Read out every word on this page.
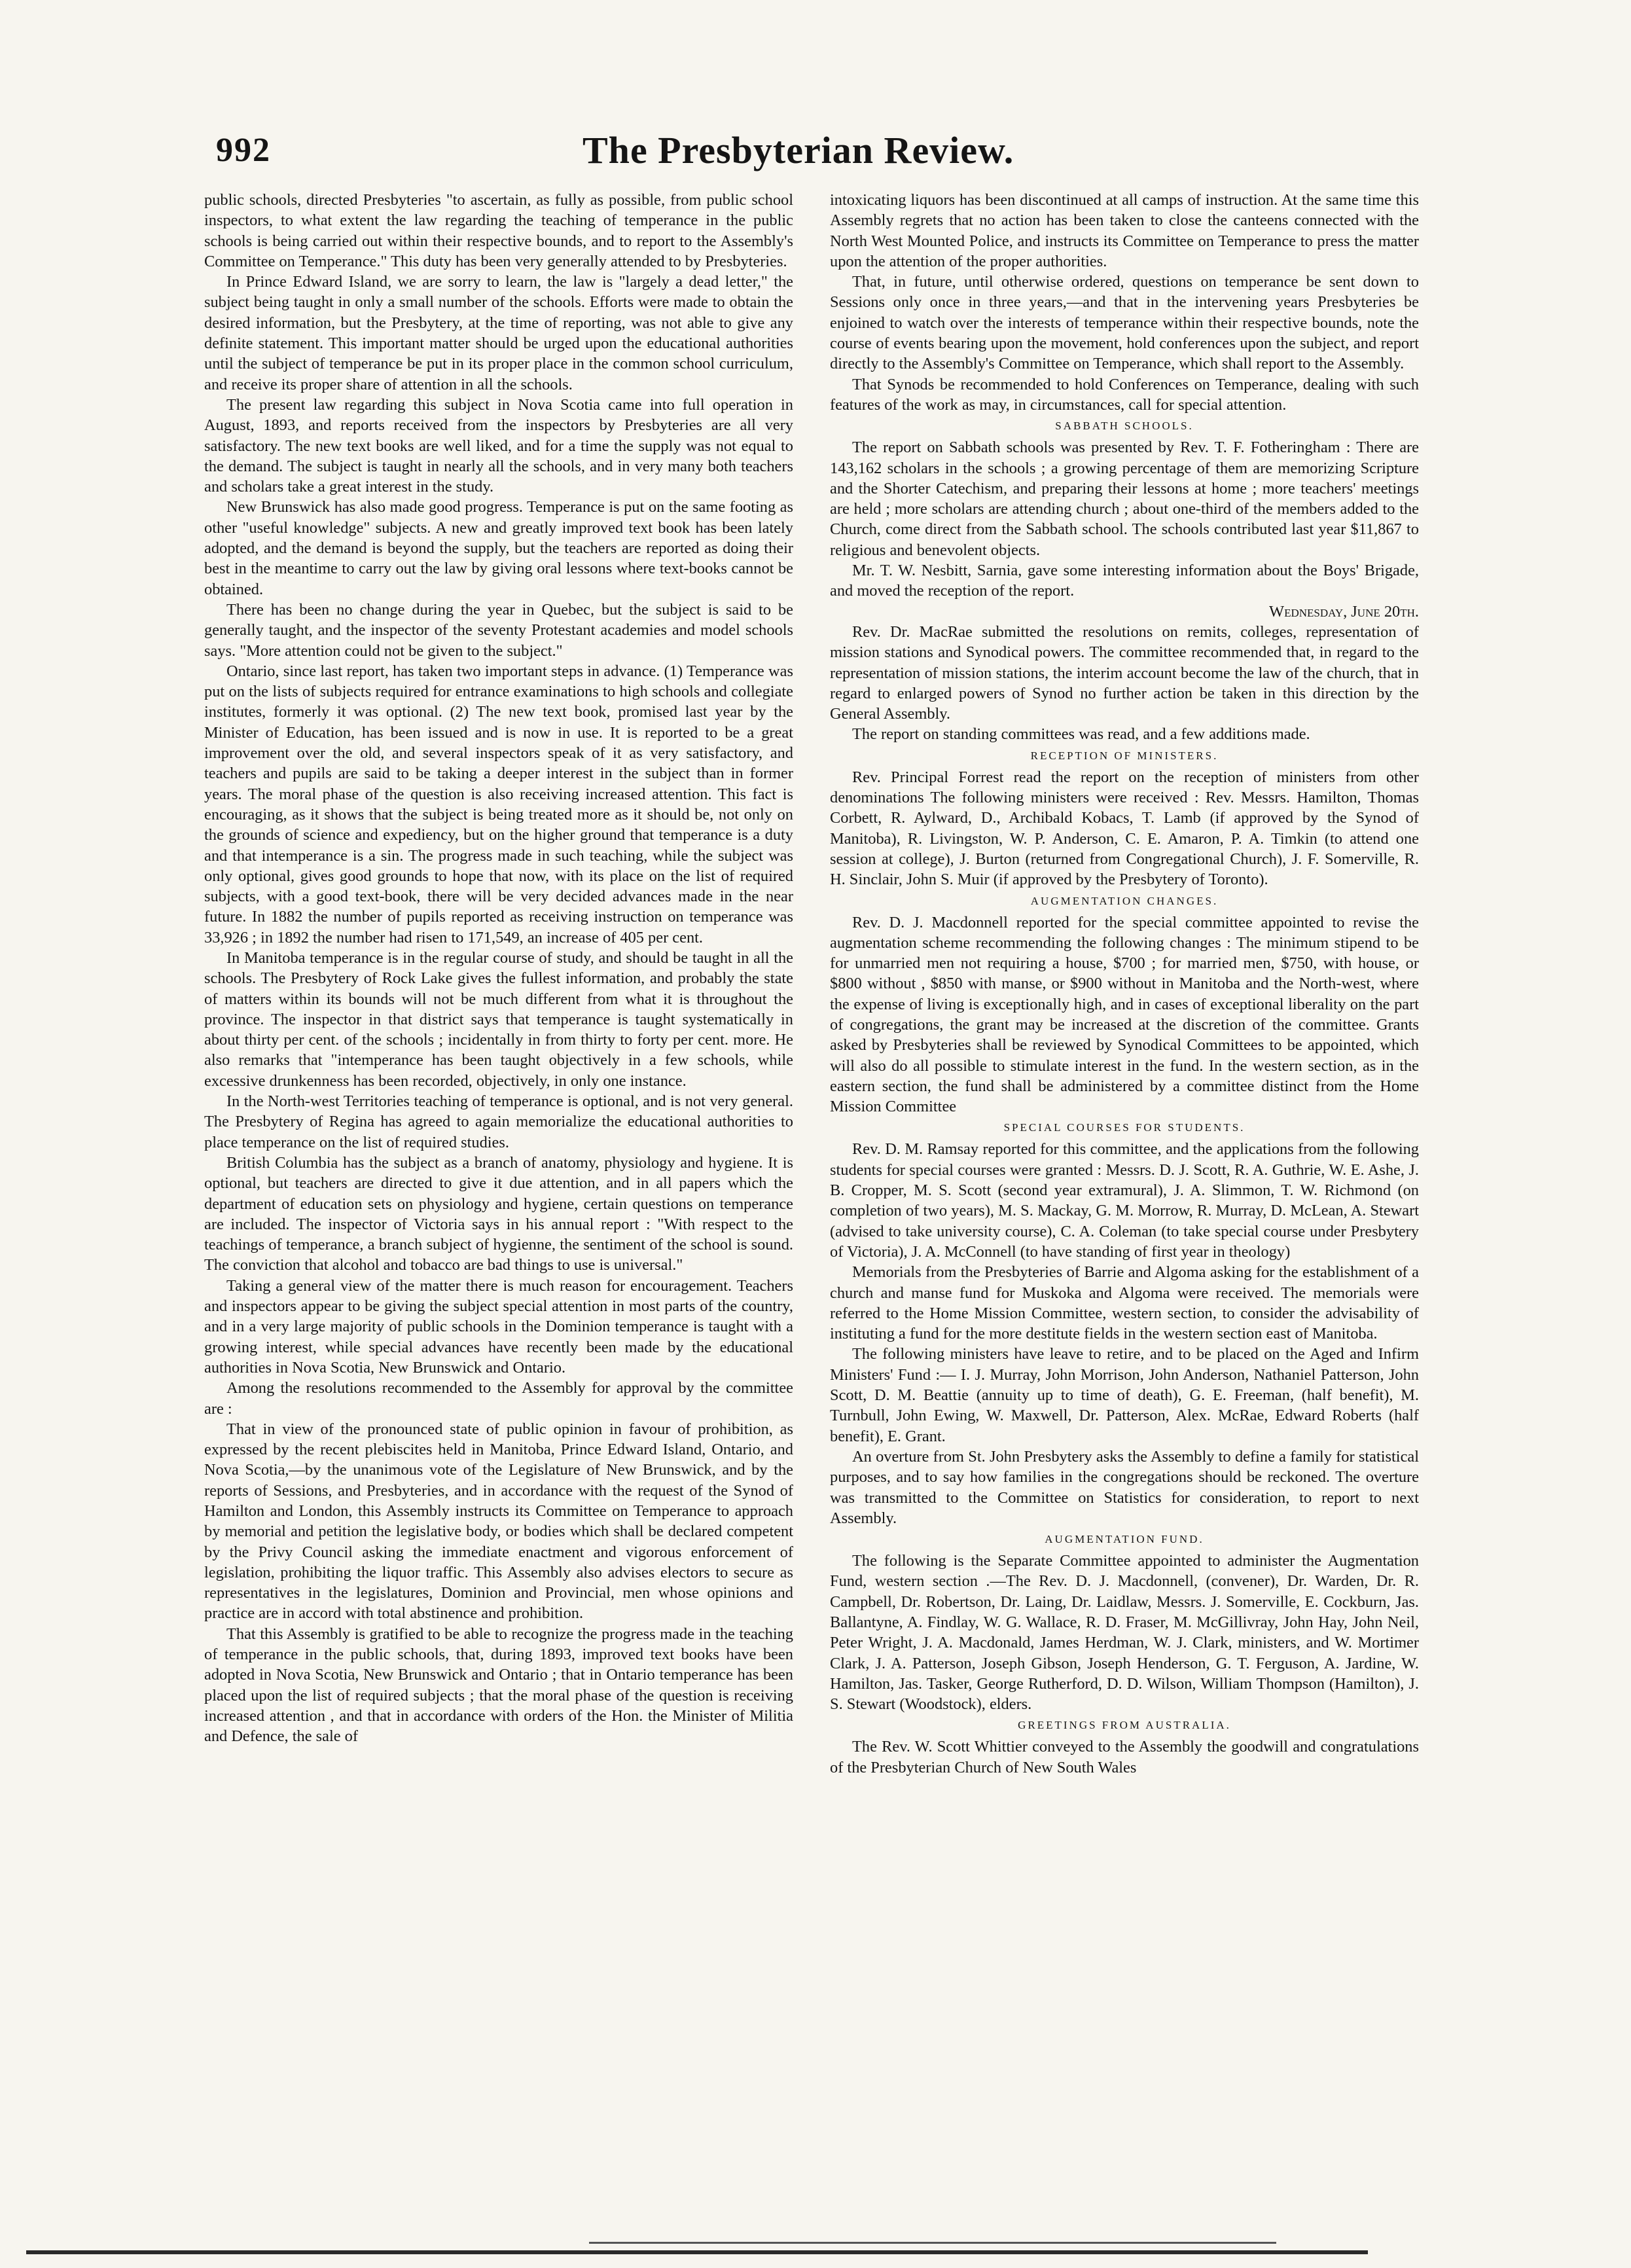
992	The Presbyterian Review.

public schools, directed Presbyteries "to ascertain, as fully as possible, from public school inspectors, to what extent the law regarding the teaching of temperance in the public schools is being carried out within their respective bounds, and to report to the Assembly's Committee on Temperance." This duty has been very generally attended to by Presbyteries.

In Prince Edward Island, we are sorry to learn, the law is "largely a dead letter," the subject being taught in only a small number of the schools. Efforts were made to obtain the desired information, but the Presbytery, at the time of reporting, was not able to give any definite statement. This important matter should be urged upon the educational authorities until the subject of temperance be put in its proper place in the common school curriculum, and receive its proper share of attention in all the schools.

The present law regarding this subject in Nova Scotia came into full operation in August, 1893, and reports received from the inspectors by Presbyteries are all very satisfactory. The new text books are well liked, and for a time the supply was not equal to the demand. The subject is taught in nearly all the schools, and in very many both teachers and scholars take a great interest in the study.

New Brunswick has also made good progress. Temperance is put on the same footing as other "useful knowledge" subjects. A new and greatly improved text book has been lately adopted, and the demand is beyond the supply, but the teachers are reported as doing their best in the meantime to carry out the law by giving oral lessons where text-books cannot be obtained.

There has been no change during the year in Quebec, but the subject is said to be generally taught, and the inspector of the seventy Protestant academies and model schools says. "More attention could not be given to the subject."

Ontario, since last report, has taken two important steps in advance. (1) Temperance was put on the lists of subjects required for entrance examinations to high schools and collegiate institutes, formerly it was optional. (2) The new text book, promised last year by the Minister of Education, has been issued and is now in use. It is reported to be a great improvement over the old, and several inspectors speak of it as very satisfactory, and teachers and pupils are said to be taking a deeper interest in the subject than in former years. The moral phase of the question is also receiving increased attention. This fact is encouraging, as it shows that the subject is being treated more as it should be, not only on the grounds of science and expediency, but on the higher ground that temperance is a duty and that intemperance is a sin. The progress made in such teaching, while the subject was only optional, gives good grounds to hope that now, with its place on the list of required subjects, with a good text-book, there will be very decided advances made in the near future. In 1882 the number of pupils reported as receiving instruction on temperance was 33,926 ; in 1892 the number had risen to 171,549, an increase of 405 per cent.

In Manitoba temperance is in the regular course of study, and should be taught in all the schools. The Presbytery of Rock Lake gives the fullest information, and probably the state of matters within its bounds will not be much different from what it is throughout the province. The inspector in that district says that temperance is taught systematically in about thirty per cent. of the schools ; incidentally in from thirty to forty per cent. more. He also remarks that "intemperance has been taught objectively in a few schools, while excessive drunkenness has been recorded, objectively, in only one instance.

In the North-west Territories teaching of temperance is optional, and is not very general. The Presbytery of Regina has agreed to again memorialize the educational authorities to place temperance on the list of required studies.

British Columbia has the subject as a branch of anatomy, physiology and hygiene. It is optional, but teachers are directed to give it due attention, and in all papers which the department of education sets on physiology and hygiene, certain questions on temperance are included. The inspector of Victoria says in his annual report : "With respect to the teachings of temperance, a branch subject of hygienne, the sentiment of the school is sound. The conviction that alcohol and tobacco are bad things to use is universal."

Taking a general view of the matter there is much reason for encouragement. Teachers and inspectors appear to be giving the subject special attention in most parts of the country, and in a very large majority of public schools in the Dominion temperance is taught with a growing interest, while special advances have recently been made by the educational authorities in Nova Scotia, New Brunswick and Ontario.

Among the resolutions recommended to the Assembly for approval by the committee are :

That in view of the pronounced state of public opinion in favour of prohibition, as expressed by the recent plebiscites held in Manitoba, Prince Edward Island, Ontario, and Nova Scotia,—by the unanimous vote of the Legislature of New Brunswick, and by the reports of Sessions, and Presbyteries, and in accordance with the request of the Synod of Hamilton and London, this Assembly instructs its Committee on Temperance to approach by memorial and petition the legislative body, or bodies which shall be declared competent by the Privy Council asking the immediate enactment and vigorous enforcement of legislation, prohibiting the liquor traffic. This Assembly also advises electors to secure as representatives in the legislatures, Dominion and Provincial, men whose opinions and practice are in accord with total abstinence and prohibition.

That this Assembly is gratified to be able to recognize the progress made in the teaching of temperance in the public schools, that, during 1893, improved text books have been adopted in Nova Scotia, New Brunswick and Ontario ; that in Ontario temperance has been placed upon the list of required subjects ; that the moral phase of the question is receiving increased attention , and that in accordance with orders of the Hon. the Minister of Militia and Defence, the sale of

intoxicating liquors has been discontinued at all camps of instruction. At the same time this Assembly regrets that no action has been taken to close the canteens connected with the North West Mounted Police, and instructs its Committee on Temperance to press the matter upon the attention of the proper authorities.

That, in future, until otherwise ordered, questions on temperance be sent down to Sessions only once in three years,—and that in the intervening years Presbyteries be enjoined to watch over the interests of temperance within their respective bounds, note the course of events bearing upon the movement, hold conferences upon the subject, and report directly to the Assembly's Committee on Temperance, which shall report to the Assembly.

That Synods be recommended to hold Conferences on Temperance, dealing with such features of the work as may, in circumstances, call for special attention.

SABBATH SCHOOLS.

The report on Sabbath schools was presented by Rev. T. F. Fotheringham : There are 143,162 scholars in the schools ; a growing percentage of them are memorizing Scripture and the Shorter Catechism, and preparing their lessons at home ; more teachers' meetings are held ; more scholars are attending church ; about one-third of the members added to the Church, come direct from the Sabbath school. The schools contributed last year $11,867 to religious and benevolent objects.

Mr. T. W. Nesbitt, Sarnia, gave some interesting information about the Boys' Brigade, and moved the reception of the report.

Wednesday, June 20th.

Rev. Dr. MacRae submitted the resolutions on remits, colleges, representation of mission stations and Synodical powers. The committee recommended that, in regard to the representation of mission stations, the interim account become the law of the church, that in regard to enlarged powers of Synod no further action be taken in this direction by the General Assembly.

The report on standing committees was read, and a few additions made.

RECEPTION OF MINISTERS.

Rev. Principal Forrest read the report on the reception of ministers from other denominations The following ministers were received : Rev. Messrs. Hamilton, Thomas Corbett, R. Aylward, D., Archibald Kobacs, T. Lamb (if approved by the Synod of Manitoba), R. Livingston, W. P. Anderson, C. E. Amaron, P. A. Timkin (to attend one session at college), J. Burton (returned from Congregational Church), J. F. Somerville, R. H. Sinclair, John S. Muir (if approved by the Presbytery of Toronto).

AUGMENTATION CHANGES.

Rev. D. J. Macdonnell reported for the special committee appointed to revise the augmentation scheme recommending the following changes : The minimum stipend to be for unmarried men not requiring a house, $700 ; for married men, $750, with house, or $800 without , $850 with manse, or $900 without in Manitoba and the North-west, where the expense of living is exceptionally high, and in cases of exceptional liberality on the part of congregations, the grant may be increased at the discretion of the committee. Grants asked by Presbyteries shall be reviewed by Synodical Committees to be appointed, which will also do all possible to stimulate interest in the fund. In the western section, as in the eastern section, the fund shall be administered by a committee distinct from the Home Mission Committee

SPECIAL COURSES FOR STUDENTS.

Rev. D. M. Ramsay reported for this committee, and the applications from the following students for special courses were granted : Messrs. D. J. Scott, R. A. Guthrie, W. E. Ashe, J. B. Cropper, M. S. Scott (second year extramural), J. A. Slimmon, T. W. Richmond (on completion of two years), M. S. Mackay, G. M. Morrow, R. Murray, D. McLean, A. Stewart (advised to take university course), C. A. Coleman (to take special course under Presbytery of Victoria), J. A. McConnell (to have standing of first year in theology)

Memorials from the Presbyteries of Barrie and Algoma asking for the establishment of a church and manse fund for Muskoka and Algoma were received. The memorials were referred to the Home Mission Committee, western section, to consider the advisability of instituting a fund for the more destitute fields in the western section east of Manitoba.

The following ministers have leave to retire, and to be placed on the Aged and Infirm Ministers' Fund :— I. J. Murray, John Morrison, John Anderson, Nathaniel Patterson, John Scott, D. M. Beattie (annuity up to time of death), G. E. Freeman, (half benefit), M. Turnbull, John Ewing, W. Maxwell, Dr. Patterson, Alex. McRae, Edward Roberts (half benefit), E. Grant.

An overture from St. John Presbytery asks the Assembly to define a family for statistical purposes, and to say how families in the congregations should be reckoned. The overture was transmitted to the Committee on Statistics for consideration, to report to next Assembly.

AUGMENTATION FUND.

The following is the Separate Committee appointed to administer the Augmentation Fund, western section .—The Rev. D. J. Macdonnell, (convener), Dr. Warden, Dr. R. Campbell, Dr. Robertson, Dr. Laing, Dr. Laidlaw, Messrs. J. Somerville, E. Cockburn, Jas. Ballantyne, A. Findlay, W. G. Wallace, R. D. Fraser, M. McGillivray, John Hay, John Neil, Peter Wright, J. A. Macdonald, James Herdman, W. J. Clark, ministers, and W. Mortimer Clark, J. A. Patterson, Joseph Gibson, Joseph Henderson, G. T. Ferguson, A. Jardine, W. Hamilton, Jas. Tasker, George Rutherford, D. D. Wilson, William Thompson (Hamilton), J. S. Stewart (Woodstock), elders.

GREETINGS FROM AUSTRALIA.

The Rev. W. Scott Whittier conveyed to the Assembly the goodwill and congratulations of the Presbyterian Church of New South Wales
